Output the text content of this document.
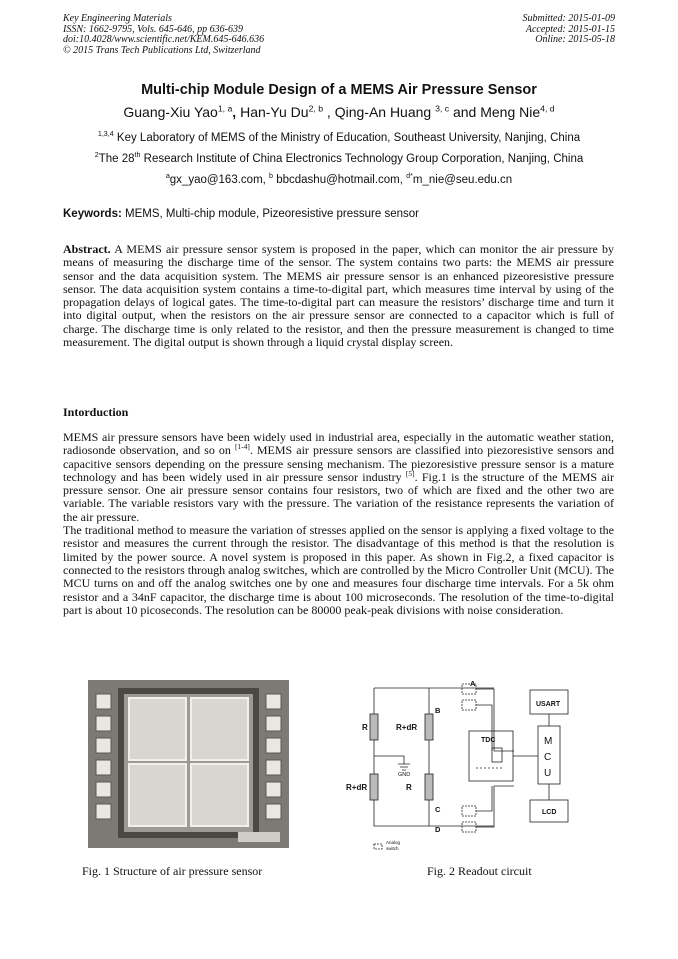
Key Engineering Materials
ISSN: 1662-9795, Vols. 645-646, pp 636-639
doi:10.4028/www.scientific.net/KEM.645-646.636
© 2015 Trans Tech Publications Ltd, Switzerland
Submitted: 2015-01-09
Accepted: 2015-01-15
Online: 2015-05-18
Multi-chip Module Design of a MEMS Air Pressure Sensor
Guang-Xiu Yao$^{1, a}$, Han-Yu Du$^{2, b}$ , Qing-An Huang $^{3, c}$ and Meng Nie$^{4, d}$
$^{1,3,4}$ Key Laboratory of MEMS of the Ministry of Education, Southeast University, Nanjing, China
$^2$The 28th Research Institute of China Electronics Technology Group Corporation, Nanjing, China
$^a$gx_yao@163.com, $^b$ bbcdashu@hotmail.com, $^{d*}$m_nie@seu.edu.cn
Keywords: MEMS, Multi-chip module, Pizeoresistive pressure sensor

Abstract. A MEMS air pressure sensor system is proposed in the paper, which can monitor the air pressure by means of measuring the discharge time of the sensor. The system contains two parts: the MEMS air pressure sensor and the data acquisition system. The MEMS air pressure sensor is an enhanced pizeoresistive pressure sensor. The data acquisition system contains a time-to-digital part, which measures time interval by using of the propagation delays of logical gates. The time-to-digital part can measure the resistors’ discharge time and turn it into digital output, when the resistors on the air pressure sensor are connected to a capacitor which is full of charge. The discharge time is only related to the resistor, and then the pressure measurement is changed to time measurement. The digital output is shown through a liquid crystal display screen.

Intorduction

MEMS air pressure sensors have been widely used in industrial area, especially in the automatic weather station, radiosonde observation, and so on [1-4]. MEMS air pressure sensors are classified into piezoresistive sensors and capacitive sensors depending on the pressure sensing mechanism. The piezoresistive pressure sensor is a mature technology and has been widely used in air pressure sensor industry [5]. Fig.1 is the structure of the MEMS air pressure sensor. One air pressure sensor contains four resistors, two of which are fixed and the other two are variable. The variable resistors vary with the pressure. The variation of the resistance represents the variation of the air pressure.
The traditional method to measure the variation of stresses applied on the sensor is applying a fixed voltage to the resistor and measures the current through the resistor. The disadvantage of this method is that the resolution is limited by the power source. A novel system is proposed in this paper. As shown in Fig.2, a fixed capacitor is connected to the resistors through analog switches, which are controlled by the Micro Controller Unit (MCU). The MCU turns on and off the analog switches one by one and measures four discharge time intervals. For a 5k ohm resistor and a 34nF capacitor, the discharge time is about 100 microseconds. The resolution of the time-to-digital part is about 10 picoseconds. The resolution can be 80000 peak-peak divisions with noise consideration.

A
B
C
D
R	R+dR
R+dR	R
GND
TDC
USART
M
C
U
LCD
Analog
switch
Fig. 1 Structure of air pressure sensor	Fig. 2 Readout circuit
